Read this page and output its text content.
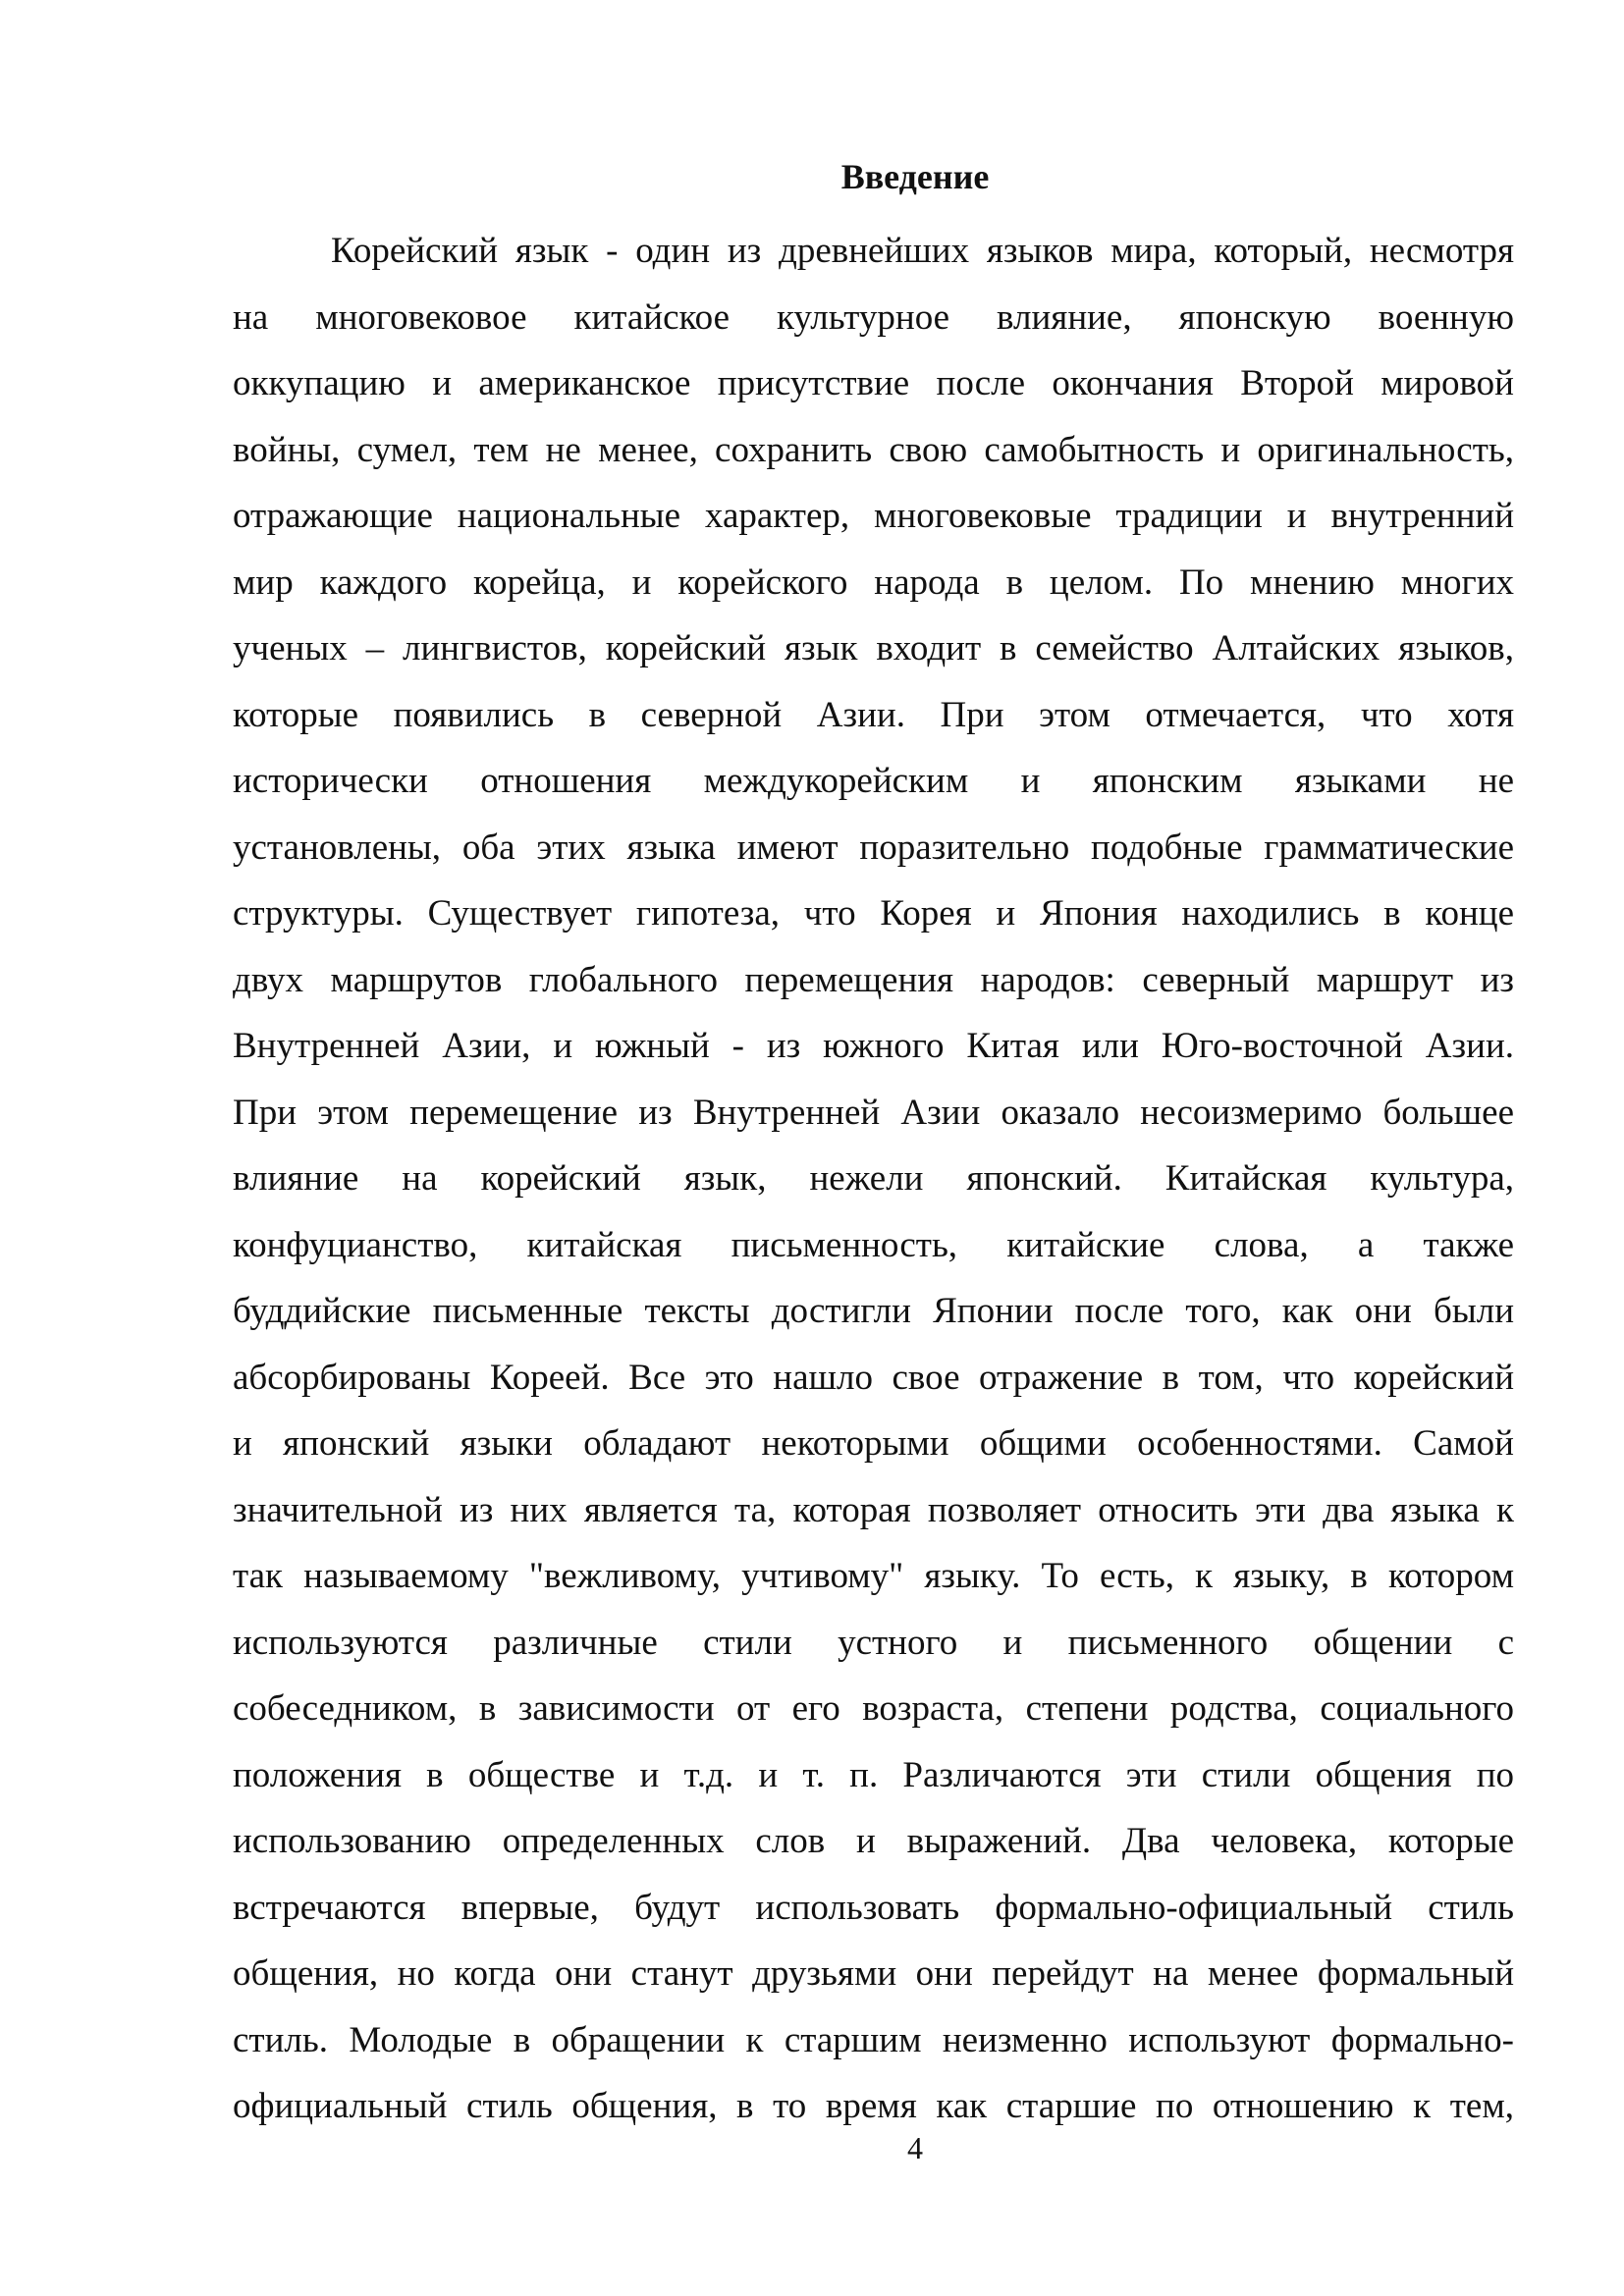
Введение
Корейский язык - один из древнейших языков мира, который, несмотря
на многовековое китайское культурное влияние, японскую военную
оккупацию и американское присутствие после окончания Второй мировой
войны, сумел, тем не менее, сохранить свою самобытность и оригинальность,
отражающие национальные характер, многовековые традиции и внутренний
мир каждого корейца, и корейского народа в целом. По мнению многих
ученых – лингвистов, корейский язык входит в семейство Алтайских языков,
которые появились в северной Азии. При этом отмечается, что хотя
исторически отношения междукорейским и японским языками не
установлены, оба этих языка имеют поразительно подобные грамматические
структуры. Существует гипотеза, что Корея и Япония находились в конце
двух маршрутов глобального перемещения народов: северный маршрут из
Внутренней Азии, и южный - из южного Китая или Юго-восточной Азии.
При этом перемещение из Внутренней Азии оказало несоизмеримо большее
влияние на корейский язык, нежели японский. Китайская культура,
конфуцианство, китайская письменность, китайские слова, а также
буддийские письменные тексты достигли Японии после того, как они были
абсорбированы Кореей. Все это нашло свое отражение в том, что корейский
и японский языки обладают некоторыми общими особенностями. Самой
значительной из них является та, которая позволяет относить эти два языка к
так называемому "вежливому, учтивому" языку. То есть, к языку, в котором
используются различные стили устного и письменного общении с
собеседником, в зависимости от его возраста, степени родства, социального
положения в обществе и т.д. и т. п. Различаются эти стили общения по
использованию определенных слов и выражений. Два человека, которые
встречаются впервые, будут использовать формально-официальный стиль
общения, но когда они станут друзьями они перейдут на менее формальный
стиль. Молодые в обращении к старшим неизменно используют формально-
официальный стиль общения, в то время как старшие по отношению к тем,
4
